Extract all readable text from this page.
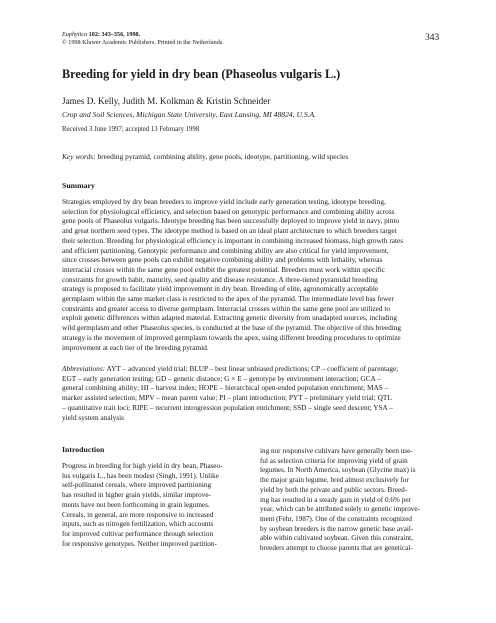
Euphytica 102: 343–356, 1998.
© 1998 Kluwer Academic Publishers. Printed in the Netherlands.	343
Breeding for yield in dry bean (Phaseolus vulgaris L.)
James D. Kelly, Judith M. Kolkman & Kristin Schneider
Crop and Soil Sciences, Michigan State University, East Lansing, MI 48824, U.S.A.
Received 3 June 1997; accepted 13 February 1998
Key words: breeding pyramid, combining ability, gene pools, ideotype, partitioning, wild species
Summary
Strategies employed by dry bean breeders to improve yield include early generation testing, ideotype breeding,
selection for physiological efficiency, and selection based on genotypic performance and combining ability across
gene pools of Phaseolus vulgaris. Ideotype breeding has been successfully deployed to improve yield in navy, pinto
and great northern seed types. The ideotype method is based on an ideal plant architecture to which breeders target
their selection. Breeding for physiological efficiency is important in combining increased biomass, high growth rates
and efficient partitioning. Genotypic performance and combining ability are also critical for yield improvement,
since crosses between gene pools can exhibit negative combining ability and problems with lethality, whereas
interracial crosses within the same gene pool exhibit the greatest potential. Breeders must work within specific
constraints for growth habit, maturity, seed quality and disease resistance. A three-tiered pyramidal breeding
strategy is proposed to facilitate yield improvement in dry bean. Breeding of elite, agronomically acceptable
germplasm within the same market class is restricted to the apex of the pyramid. The intermediate level has fewer
constraints and greater access to diverse germplasm. Interracial crosses within the same gene pool are utilized to
exploit genetic differences within adapted material. Extracting genetic diversity from unadapted sources, including
wild germplasm and other Phaseolus species, is conducted at the base of the pyramid. The objective of this breeding
strategy is the movement of improved germplasm towards the apex, using different breeding procedures to optimize
improvement at each tier of the breeding pyramid.
Abbreviations: AYT – advanced yield trial; BLUP – best linear unbiased predictions; CP – coefficient of parentage;
EGT – early generation testing; GD – genetic distance; G × E – genotype by environment interaction; GCA –
general combining ability; HI – harvest index; HOPE – hierarchical open-ended population enrichment; MAS –
marker assisted selection; MPV – mean parent value; PI – plant introduction; PYT – preliminary yield trial; QTL
– quantitative trait loci; RIPE – recurrent introgression population enrichment; SSD – single seed descent; YSA –
yield system analysis
Introduction
Progress in breeding for high yield in dry bean, Phaseo-
lus vulgaris L., has been modest (Singh, 1991). Unlike
self-pollinated cereals, where improved partitioning
has resulted in higher grain yields, similar improve-
ments have not been forthcoming in grain legumes.
Cereals, in general, are more responsive to increased
inputs, such as nitrogen fertilization, which accounts
for improved cultivar performance through selection
for responsive genotypes. Neither improved partition-
ing nor responsive cultivars have generally been use-
ful as selection criteria for improving yield of grain
legumes. In North America, soybean (Glycine max) is
the major grain legume, bred almost exclusively for
yield by both the private and public sectors. Breed-
ing has resulted in a steady gain in yield of 0.6% per
year, which can be attributed solely to genetic improve-
ment (Fehr, 1987). One of the constraints recognized
by soybean breeders is the narrow genetic base avail-
able within cultivated soybean. Given this constraint,
breeders attempt to choose parents that are genetical-
